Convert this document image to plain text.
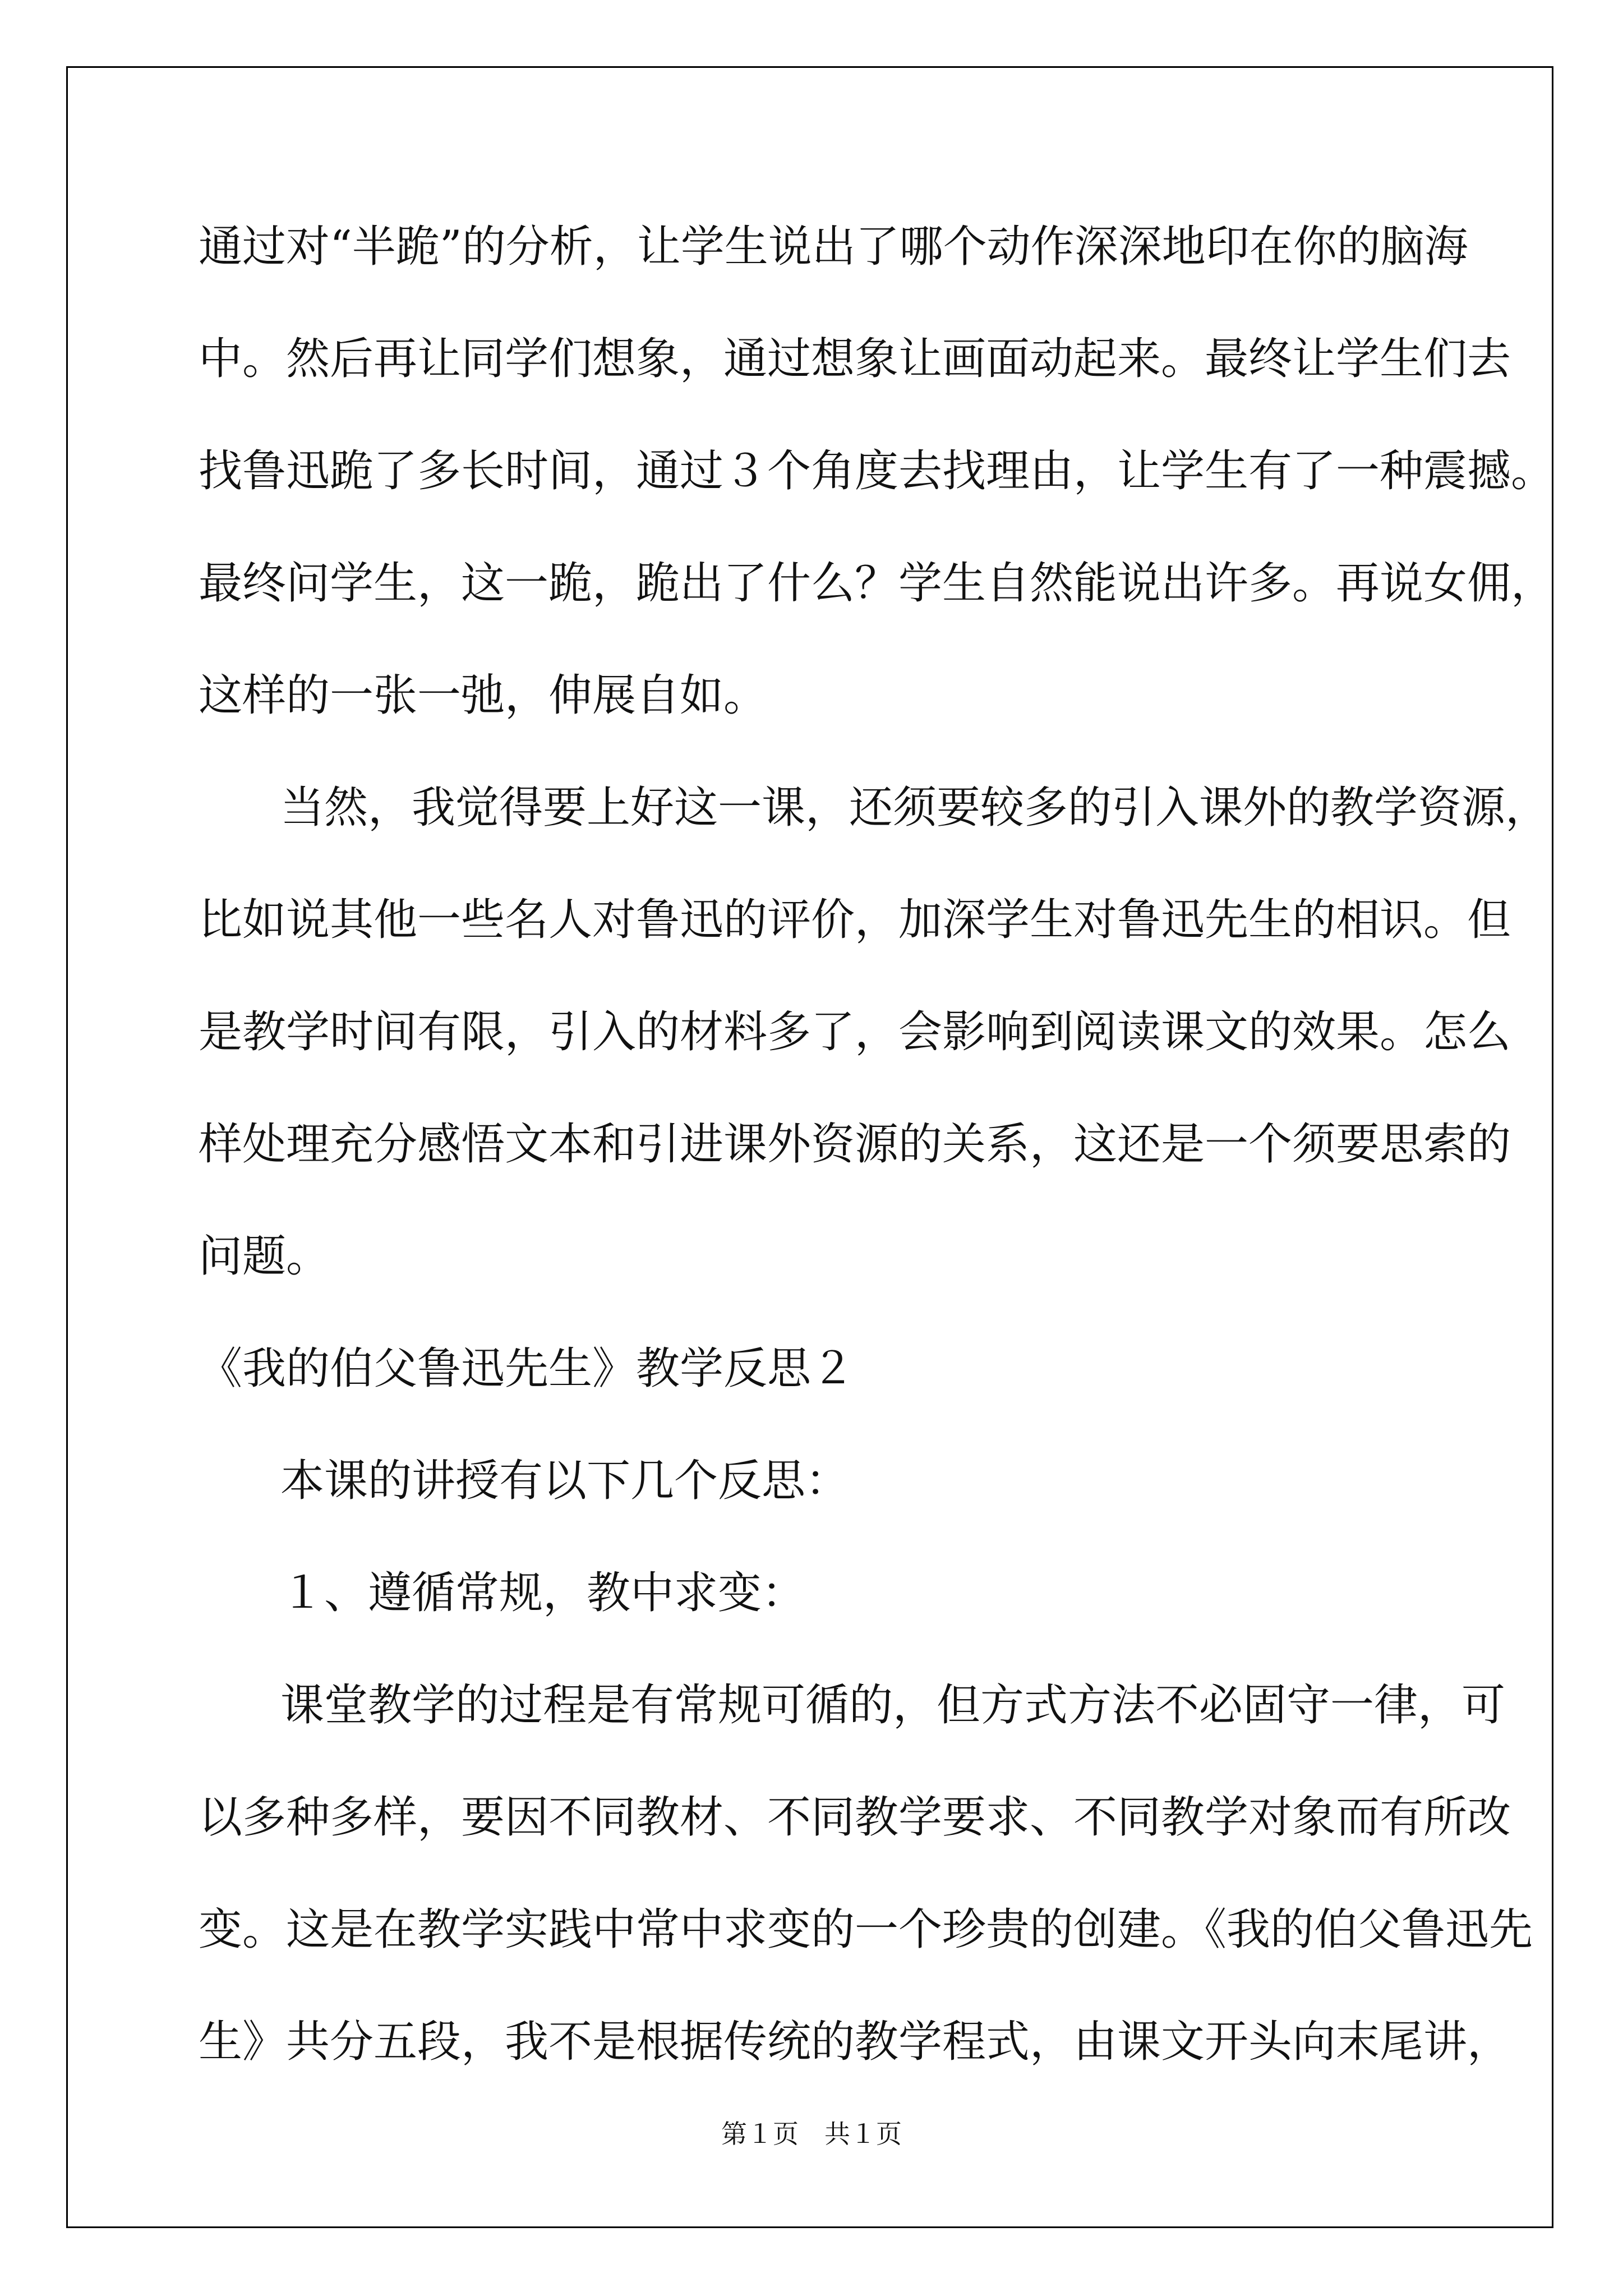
通过对“半跪”的分析，让学生说出了哪个动作深深地印在你的脑海

中。然后再让同学们想象，通过想象让画面动起来。最终让学生们去

找鲁迅跪了多长时间，通过３个角度去找理由，让学生有了一种震撼。

最终问学生，这一跪，跪出了什么？学生自然能说出许多。再说女佣，

这样的一张一弛，伸展自如。

当然，我觉得要上好这一课，还须要较多的引入课外的教学资源，

比如说其他一些名人对鲁迅的评价，加深学生对鲁迅先生的相识。但

是教学时间有限，引入的材料多了，会影响到阅读课文的效果。怎么

样处理充分感悟文本和引进课外资源的关系，这还是一个须要思索的

问题。

《我的伯父鲁迅先生》教学反思２

本课的讲授有以下几个反思：

１、遵循常规，教中求变：

课堂教学的过程是有常规可循的，但方式方法不必固守一律，可

以多种多样，要因不同教材、不同教学要求、不同教学对象而有所改

变。这是在教学实践中常中求变的一个珍贵的创建。《我的伯父鲁迅先

生》共分五段，我不是根据传统的教学程式，由课文开头向末尾讲，

第１页　共１页
